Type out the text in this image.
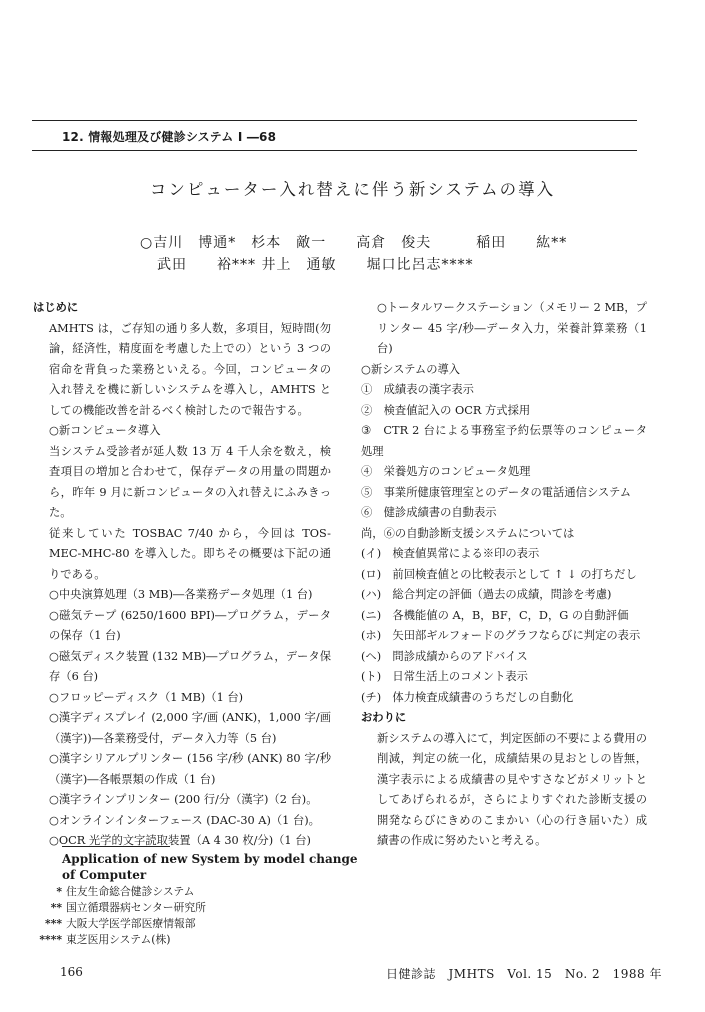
12. 情報処理及び健診システム I ―68
コンピューター入れ替えに伴う新システムの導入
○吉川　博通*　杉本　敵一　　高倉　俊夫　　　稲田　　紘**
武田　　裕*** 井上　通敏　　堀口比呂志****

はじめに

AMHTS は，ご存知の通り多人数，多項目，短時間(勿論，経済性，精度面を考慮した上での）という 3 つの宿命を背負った業務といえる。今回，コンピュータの入れ替えを機に新しいシステムを導入し，AMHTS としての機能改善を計るべく検討したので報告する。

○新コンピュータ導入

当システム受診者が延人数 13 万 4 千人余を数え，検査項目の増加と合わせて，保存データの用量の問題から，昨年 9 月に新コンピュータの入れ替えにふみきった。

従来していた TOSBAC 7/40 から，今回は TOS-MEC-MHC-80 を導入した。即ちその概要は下記の通りである。

○中央演算処理（3 MB)―各業務データ処理（1 台)

○磁気テープ (6250/1600 BPI)―プログラム，データの保存（1 台)

○磁気ディスク装置 (132 MB)―プログラム，データ保存（6 台)

○フロッピーディスク（1 MB)（1 台)

○漢字ディスプレイ (2,000 字/画 (ANK)，1,000 字/画（漢字))―各業務受付，データ入力等（5 台)

○漢字シリアルプリンター (156 字/秒 (ANK) 80 字/秒（漢字)―各帳票類の作成（1 台)

○漢字ラインプリンター (200 行/分（漢字)（2 台)。

○オンラインインターフェース (DAC-30 A)（1 台)。

○OCR 光学的文字読取装置（A 4 30 枚/分)（1 台)

○トータルワークステーション（メモリー 2 MB，プリンター 45 字/秒―データ入力，栄養計算業務（1 台)

○新システムの導入

①　成績表の漢字表示

②　検査値記入の OCR 方式採用

③　CTR 2 台による事務室予約伝票等のコンピュータ処理

④　栄養処方のコンピュータ処理

⑤　事業所健康管理室とのデータの電話通信システム

⑥　健診成績書の自動表示

尚，⑥の自動診断支援システムについては

(イ)　検査値異常による※印の表示

(ロ)　前回検査値との比較表示として ↑ ↓ の打ちだし

(ハ)　総合判定の評価（過去の成績，問診を考慮)

(ニ)　各機能値の A，B，BF，C，D，G の自動評価

(ホ)　矢田部ギルフォードのグラフならびに判定の表示

(ヘ)　問診成績からのアドバイス

(ト)　日常生活上のコメント表示

(チ)　体力検査成績書のうちだしの自動化

おわりに

新システムの導入にて，判定医師の不要による費用の削減，判定の統一化，成績結果の見おとしの皆無，漢字表示による成績書の見やすさなどがメリットとしてあげられるが，さらによりすぐれた診断支援の開発ならびにきめのこまかい（心の行き届いた）成績書の作成に努めたいと考える。

Application of new System by model change of Computer
* 住友生命総合健診システム
** 国立循環器病センター研究所
*** 大阪大学医学部医療情報部
**** 東芝医用システム(株)
166	日健診誌　JMHTS　Vol. 15　No. 2　1988 年
